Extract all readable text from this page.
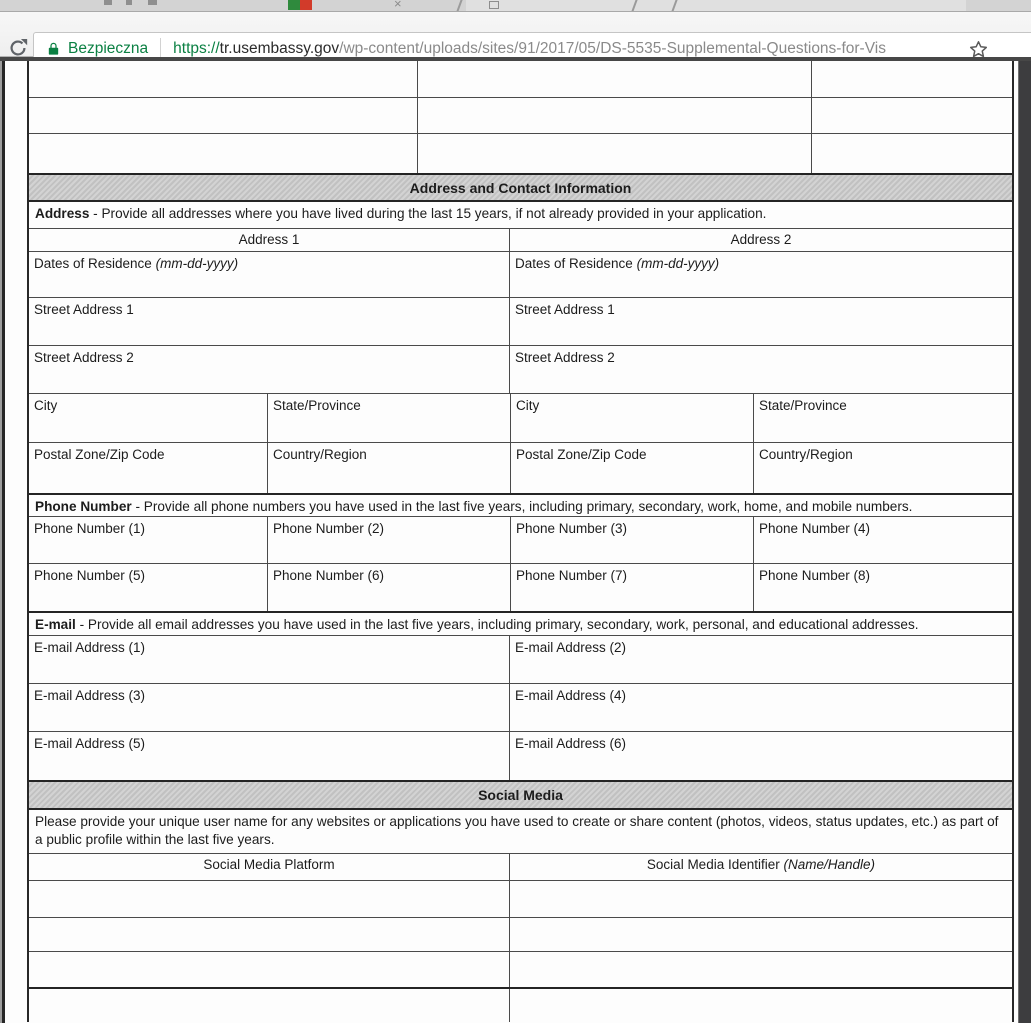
×
Bezpieczna https://tr.usembassy.gov/wp-content/uploads/sites/91/2017/05/DS-5535-Supplemental-Questions-for-Vis
Address and Contact Information
Address - Provide all addresses where you have lived during the last 15 years, if not already provided in your application.
Address 1	Address 2
Dates of Residence (mm-dd-yyyy)	Dates of Residence (mm-dd-yyyy)
Street Address 1	Street Address 1
Street Address 2	Street Address 2
City	State/Province	City	State/Province
Postal Zone/Zip Code	Country/Region	Postal Zone/Zip Code	Country/Region
Phone Number - Provide all phone numbers you have used in the last five years, including primary, secondary, work, home, and mobile numbers.
Phone Number (1)	Phone Number (2)	Phone Number (3)	Phone Number (4)
Phone Number (5)	Phone Number (6)	Phone Number (7)	Phone Number (8)
E-mail - Provide all email addresses you have used in the last five years, including primary, secondary, work, personal, and educational addresses.
E-mail Address (1)	E-mail Address (2)
E-mail Address (3)	E-mail Address (4)
E-mail Address (5)	E-mail Address (6)
Social Media
Please provide your unique user name for any websites or applications you have used to create or share content (photos, videos, status updates, etc.) as part of a public profile within the last five years.
Social Media Platform	Social Media Identifier (Name/Handle)
